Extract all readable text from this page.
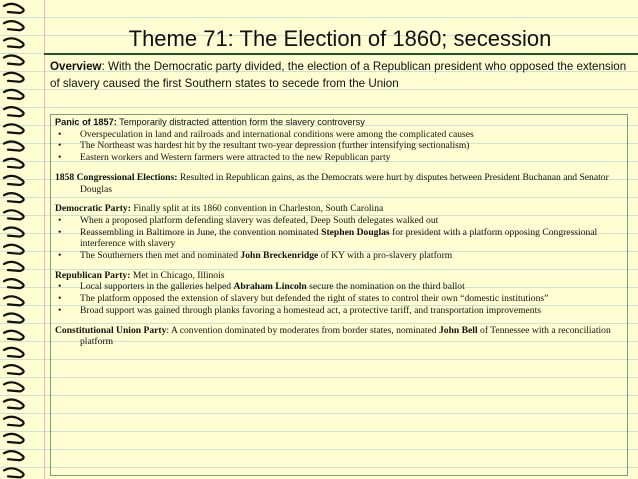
Theme 71: The Election of 1860; secession
Overview: With the Democratic party divided, the election of a Republican president who opposed the extension of slavery caused the first Southern states to secede from the Union
Panic of 1857: Temporarily distracted attention form the slavery controversy
• Overspeculation in land and railroads and international conditions were among the complicated causes
• The Northeast was hardest hit by the resultant two-year depression (further intensifying sectionalism)
• Eastern workers and Western farmers were attracted to the new Republican party
1858 Congressional Elections: Resulted in Republican gains, as the Democrats were hurt by disputes between President Buchanan and Senator Douglas
Democratic Party: Finally split at its 1860 convention in Charleston, South Carolina
• When a proposed platform defending slavery was defeated, Deep South delegates walked out
• Reassembling in Baltimore in June, the convention nominated Stephen Douglas for president with a platform opposing Congressional interference with slavery
• The Southerners then met and nominated John Breckenridge of KY with a pro-slavery platform
Republican Party: Met in Chicago, Illinois
• Local supporters in the galleries helped Abraham Lincoln secure the nomination on the third ballot
• The platform opposed the extension of slavery but defended the right of states to control their own “domestic institutions”
• Broad support was gained through planks favoring a homestead act, a protective tariff, and transportation improvements
Constitutional Union Party: A convention dominated by moderates from border states, nominated John Bell of Tennessee with a reconciliation platform
